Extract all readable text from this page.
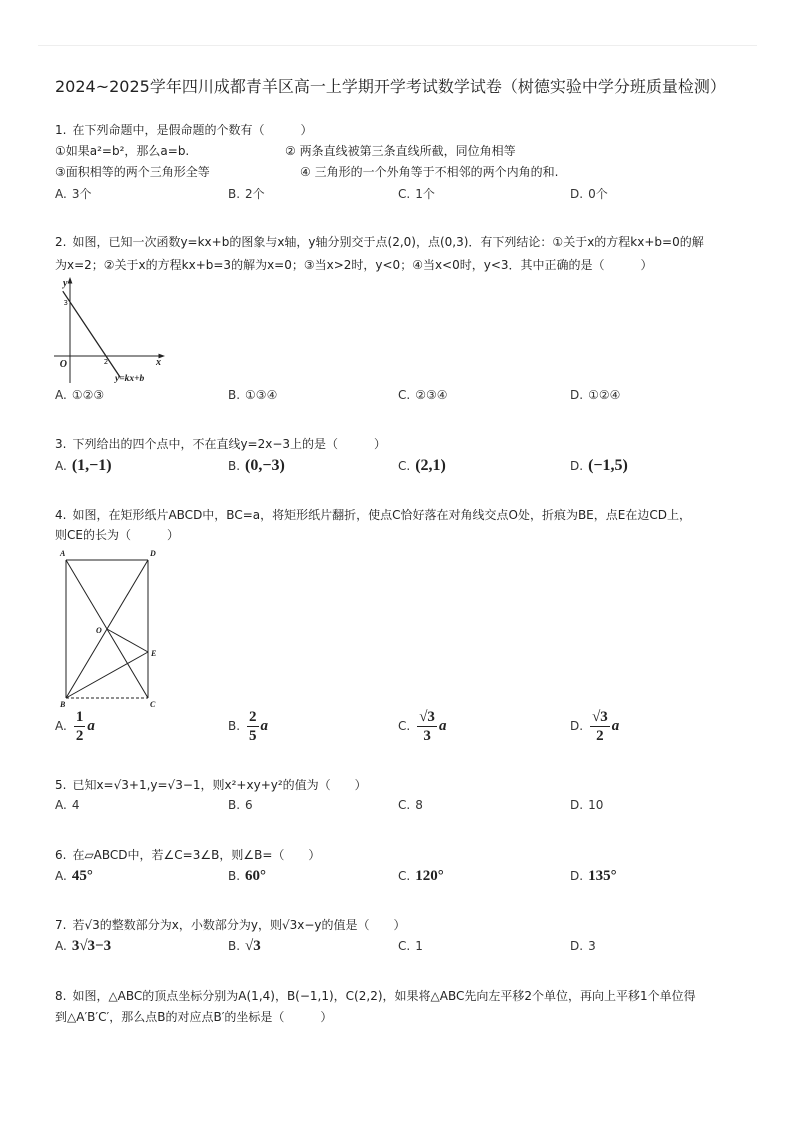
2024~2025学年四川成都青羊区高一上学期开学考试数学试卷（树德实验中学分班质量检测）
1. 在下列命题中，是假命题的个数有（　　　）
①如果a²=b²，那么a=b.	② 两条直线被第三条直线所截，同位角相等
③面积相等的两个三角形全等	④ 三角形的一个外角等于不相邻的两个内角的和.
A. 3个	B. 2个	C. 1个	D. 0个
2. 如图，已知一次函数y=kx+b的图象与x轴，y轴分别交于点(2,0)，点(0,3)．有下列结论：①关于x的方程kx+b=0的解
为x=2；②关于x的方程kx+b=3的解为x=0；③当x>2时，y<0；④当x<0时，y<3．其中正确的是（　　　）
y
3
O	2	x
y=kx+b
A. ①②③	B. ①③④	C. ②③④	D. ①②④
3. 下列给出的四个点中，不在直线y=2x−3上的是（　　　）
A. (1,−1)	B. (0,−3)	C. (2,1)	D. (−1,5)
4. 如图，在矩形纸片ABCD中，BC=a，将矩形纸片翻折，使点C恰好落在对角线交点O处，折痕为BE，点E在边CD上，
则CE的长为（　　　）
A	D
O
E
B	C
A. $\frac{1}{2}$ a	B. $\frac{2}{5}$ a	C. $\frac{√3}{3}$ a	D. $\frac{√3}{2}$ a
5. 已知x=√3+1,y=√3−1，则x²+xy+y²的值为（　　）
A. 4	B. 6	C. 8	D. 10
6. 在▱ABCD中，若∠C=3∠B，则∠B=（　　）
A. 45°	B. 60°	C. 120°	D. 135°
7. 若√3的整数部分为x，小数部分为y，则√3x−y的值是（　　）
A. 3√3−3	B. √3	C. 1	D. 3
8. 如图，△ABC的顶点坐标分别为A(1,4)，B(−1,1)，C(2,2)，如果将△ABC先向左平移2个单位，再向上平移1个单位得
到△A′B′C′，那么点B的对应点B′的坐标是（　　　）
